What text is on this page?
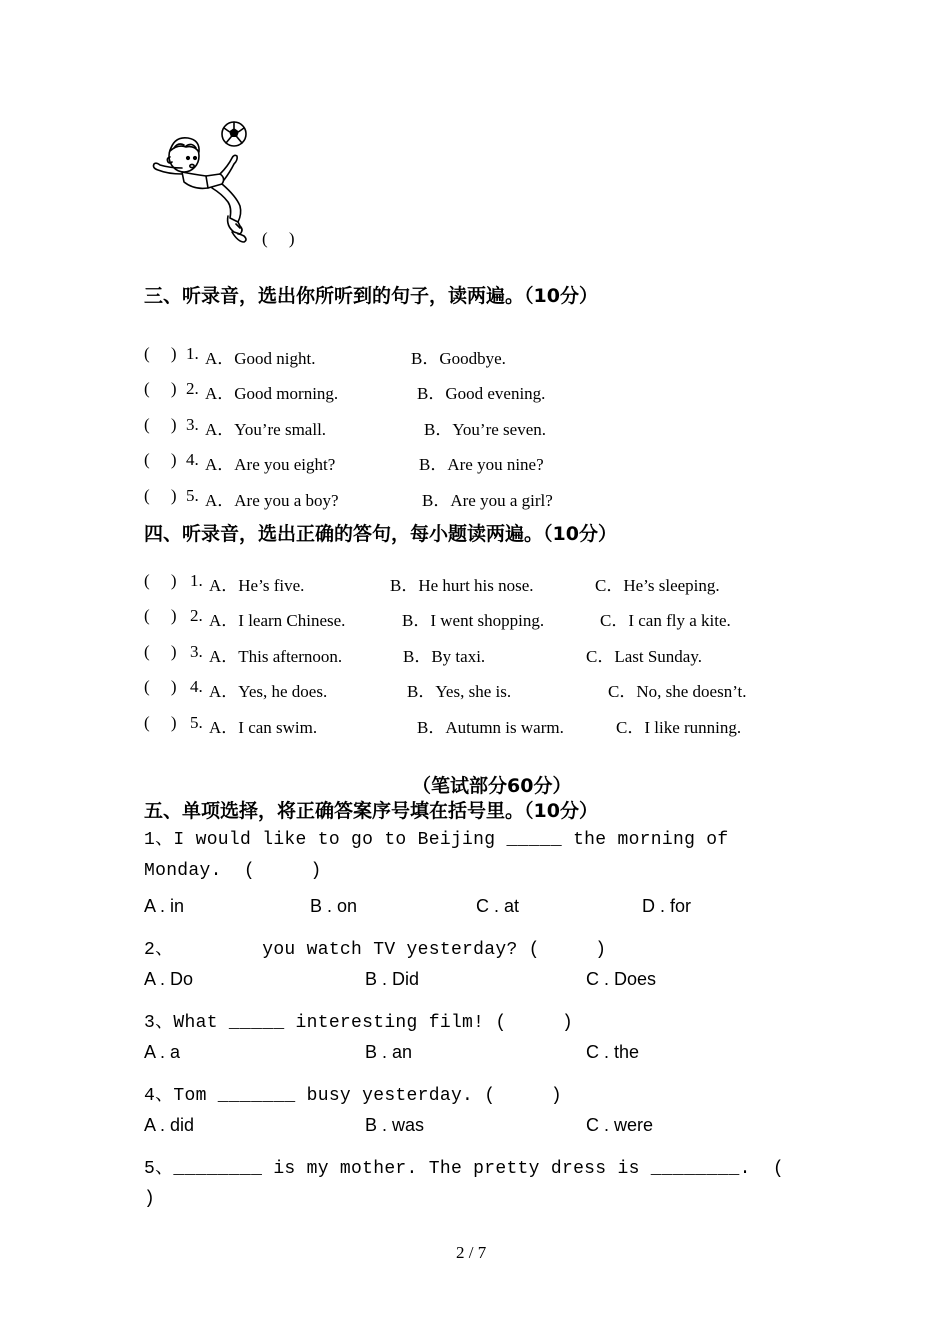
(     )
三、听录音，选出你所听到的句子，读两遍。（10分）
(     ) 1. A．Good night.	B．Goodbye.
(     ) 2. A．Good morning.	B．Good evening.
(     ) 3. A．You’re small.	B．You’re seven.
(     ) 4. A．Are you eight?	B．Are you nine?
(     ) 5. A．Are you a boy?	B．Are you a girl?
四、听录音，选出正确的答句，每小题读两遍。（10分）
(     ) 1. A．He’s five.	B．He hurt his nose.	C．He’s sleeping.
(     ) 2. A．I learn Chinese.	B．I went shopping.	C．I can fly a kite.
(     ) 3. A．This afternoon.	B．By taxi.	C．Last Sunday.
(     ) 4. A．Yes, he does.	B．Yes, she is.	C．No, she doesn’t.
(     ) 5. A．I can swim.	B．Autumn is warm.	C．I like running.
（笔试部分60分）
五、单项选择，将正确答案序号填在括号里。（10分）
1、I would like to go to Beijing _____ the morning of
Monday.  (     )
A . in	B . on	C . at	D . for
2、        you watch TV yesterday? (     )
A . Do	B . Did	C . Does
3、What _____ interesting film! (     )
A . a	B . an	C . the
4、Tom _______ busy yesterday. (     )
A . did	B . was	C . were
5、________ is my mother. The pretty dress is ________.  (
)
2 / 7
